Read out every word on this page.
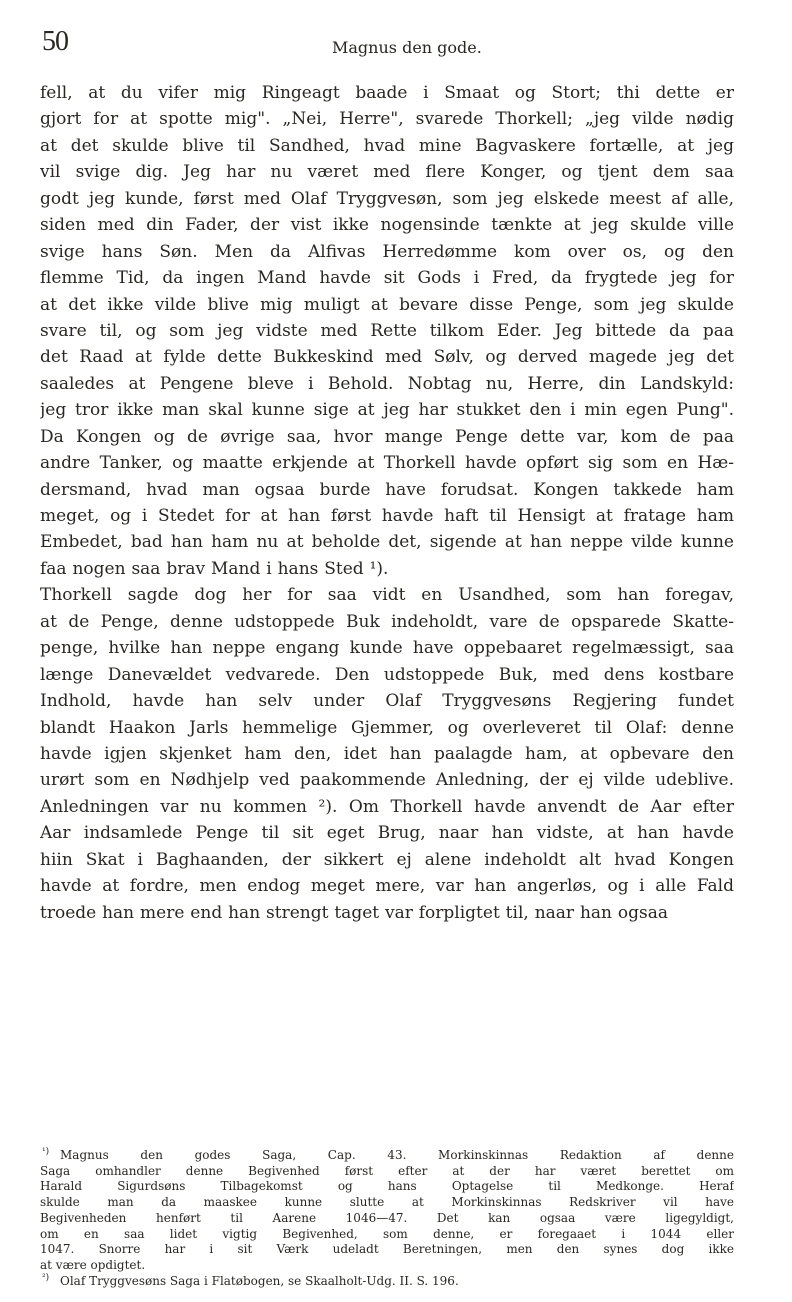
50	Magnus den gode.
fell, at du vifer mig Ringeagt baade i Smaat og Stort; thi dette er
gjort for at spotte mig". „Nei, Herre", svarede Thorkell; „jeg vilde nødig
at det skulde blive til Sandhed, hvad mine Bagvaskere fortælle, at jeg
vil svige dig. Jeg har nu været med flere Konger, og tjent dem saa
godt jeg kunde, først med Olaf Tryggvesøn, som jeg elskede meest af alle,
siden med din Fader, der vist ikke nogensinde tænkte at jeg skulde ville
svige hans Søn. Men da Alfivas Herredømme kom over os, og den
flemme Tid, da ingen Mand havde sit Gods i Fred, da frygtede jeg for
at det ikke vilde blive mig muligt at bevare disse Penge, som jeg skulde
svare til, og som jeg vidste med Rette tilkom Eder. Jeg bittede da paa
det Raad at fylde dette Bukkeskind med Sølv, og derved magede jeg det
saaledes at Pengene bleve i Behold. Nobtag nu, Herre, din Landskyld:
jeg tror ikke man skal kunne sige at jeg har stukket den i min egen Pung".
Da Kongen og de øvrige saa, hvor mange Penge dette var, kom de paa
andre Tanker, og maatte erkjende at Thorkell havde opført sig som en Hæ-
dersmand, hvad man ogsaa burde have forudsat. Kongen takkede ham
meget, og i Stedet for at han først havde haft til Hensigt at fratage ham
Embedet, bad han ham nu at beholde det, sigende at han neppe vilde kunne
faa nogen saa brav Mand i hans Sted ¹).
Thorkell sagde dog her for saa vidt en Usandhed, som han foregav,
at de Penge, denne udstoppede Buk indeholdt, vare de opsparede Skatte-
penge, hvilke han neppe engang kunde have oppebaaret regelmæssigt, saa
længe Danevældet vedvarede. Den udstoppede Buk, med dens kostbare
Indhold, havde han selv under Olaf Tryggvesøns Regjering fundet
blandt Haakon Jarls hemmelige Gjemmer, og overleveret til Olaf: denne
havde igjen skjenket ham den, idet han paalagde ham, at opbevare den
urørt som en Nødhjelp ved paakommende Anledning, der ej vilde udeblive.
Anledningen var nu kommen ²). Om Thorkell havde anvendt de Aar efter
Aar indsamlede Penge til sit eget Brug, naar han vidste, at han havde
hiin Skat i Baghaanden, der sikkert ej alene indeholdt alt hvad Kongen
havde at fordre, men endog meget mere, var han angerløs, og i alle Fald
troede han mere end han strengt taget var forpligtet til, naar han ogsaa
¹) Magnus den godes Saga, Cap. 43. Morkinskinnas Redaktion af denne
Saga omhandler denne Begivenhed først efter at der har været berettet om
Harald Sigurdsøns Tilbagekomst og hans Optagelse til Medkonge. Heraf
skulde man da maaskee kunne slutte at Morkinskinnas Redskriver vil have
Begivenheden henført til Aarene 1046—47. Det kan ogsaa være ligegyldigt,
om en saa lidet vigtig Begivenhed, som denne, er foregaaet i 1044 eller
1047. Snorre har i sit Værk udeladt Beretningen, men den synes dog ikke
at være opdigtet.
²) Olaf Tryggvesøns Saga i Flatøbogen, se Skaalholt-Udg. II. S. 196.
